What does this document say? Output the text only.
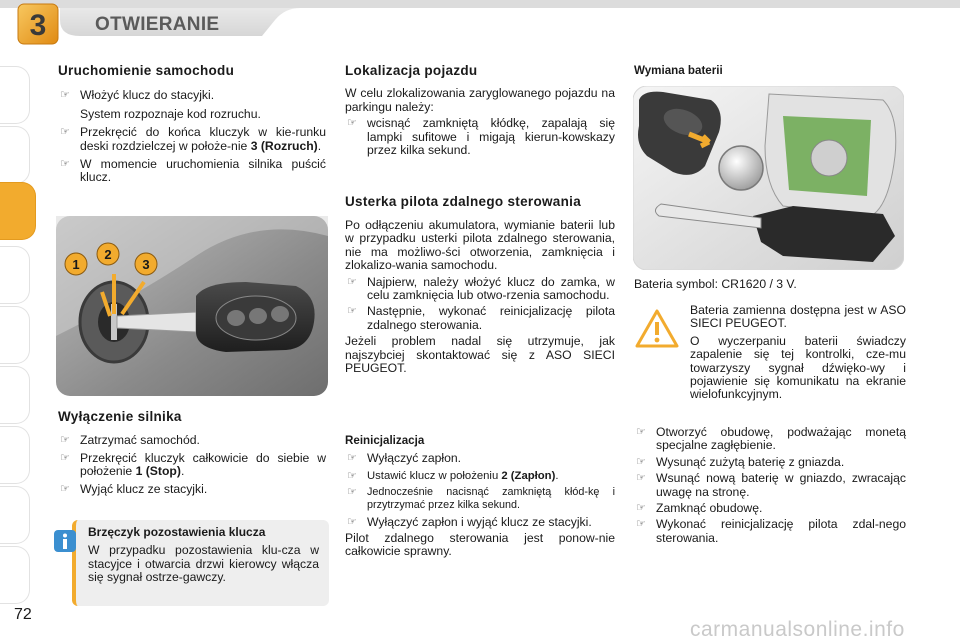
3	OTWIERANIE
Uruchomienie samochodu

☞ Włożyć klucz do stacyjki.

System rozpoznaje kod rozruchu.

☞ Przekręcić do końca kluczyk w kie-runku deski rozdzielczej w położe-nie 3 (Rozruch).

☞ W momencie uruchomienia silnika puścić klucz.

1
2
3
Wyłączenie silnika

☞ Zatrzymać samochód.

☞ Przekręcić kluczyk całkowicie do siebie w położenie 1 (Stop).

☞ Wyjąć klucz ze stacyjki.

Brzęczyk pozostawienia klucza

W przypadku pozostawienia klu-cza w stacyjce i otwarcia drzwi kierowcy włącza się sygnał ostrze-gawczy.

72
Lokalizacja pojazdu

W celu zlokalizowania zaryglowanego pojazdu na parkingu należy:

☞ wcisnąć zamkniętą kłódkę, zapalają się lampki sufitowe i migają kierun-kowskazy przez kilka sekund.

Usterka pilota zdalnego sterowania

Po odłączeniu akumulatora, wymianie baterii lub w przypadku usterki pilota zdalnego sterowania, nie ma możliwo-ści otworzenia, zamknięcia i zlokalizo-wania samochodu.

☞ Najpierw, należy włożyć klucz do zamka, w celu zamknięcia lub otwo-rzenia samochodu.

☞ Następnie, wykonać reinicjalizację pilota zdalnego sterowania.

Jeżeli problem nadal się utrzymuje, jak najszybciej skontaktować się z ASO SIECI PEUGEOT.

Reinicjalizacja

☞ Wyłączyć zapłon.

☞ Ustawić klucz w położeniu 2 (Zapłon).

☞ Jednocześnie nacisnąć zamkniętą kłód-kę i przytrzymać przez kilka sekund.

☞ Wyłączyć zapłon i wyjąć klucz ze stacyjki.

Pilot zdalnego sterowania jest ponow-nie całkowicie sprawny.

Wymiana baterii

Bateria symbol: CR1620 / 3 V.

Bateria zamienna dostępna jest w ASO SIECI PEUGEOT.

O wyczerpaniu baterii świadczy zapalenie się tej kontrolki, cze-mu towarzyszy sygnał dźwięko-wy i pojawienie się komunikatu na ekranie wielofunkcyjnym.

☞ Otworzyć obudowę, podważając monetą specjalne zagłębienie.

☞ Wysunąć zużytą baterię z gniazda.

☞ Wsunąć nową baterię w gniazdo, zwracając uwagę na stronę.

☞ Zamknąć obudowę.

☞ Wykonać reinicjalizację pilota zdal-nego sterowania.

carmanualsonline.info
